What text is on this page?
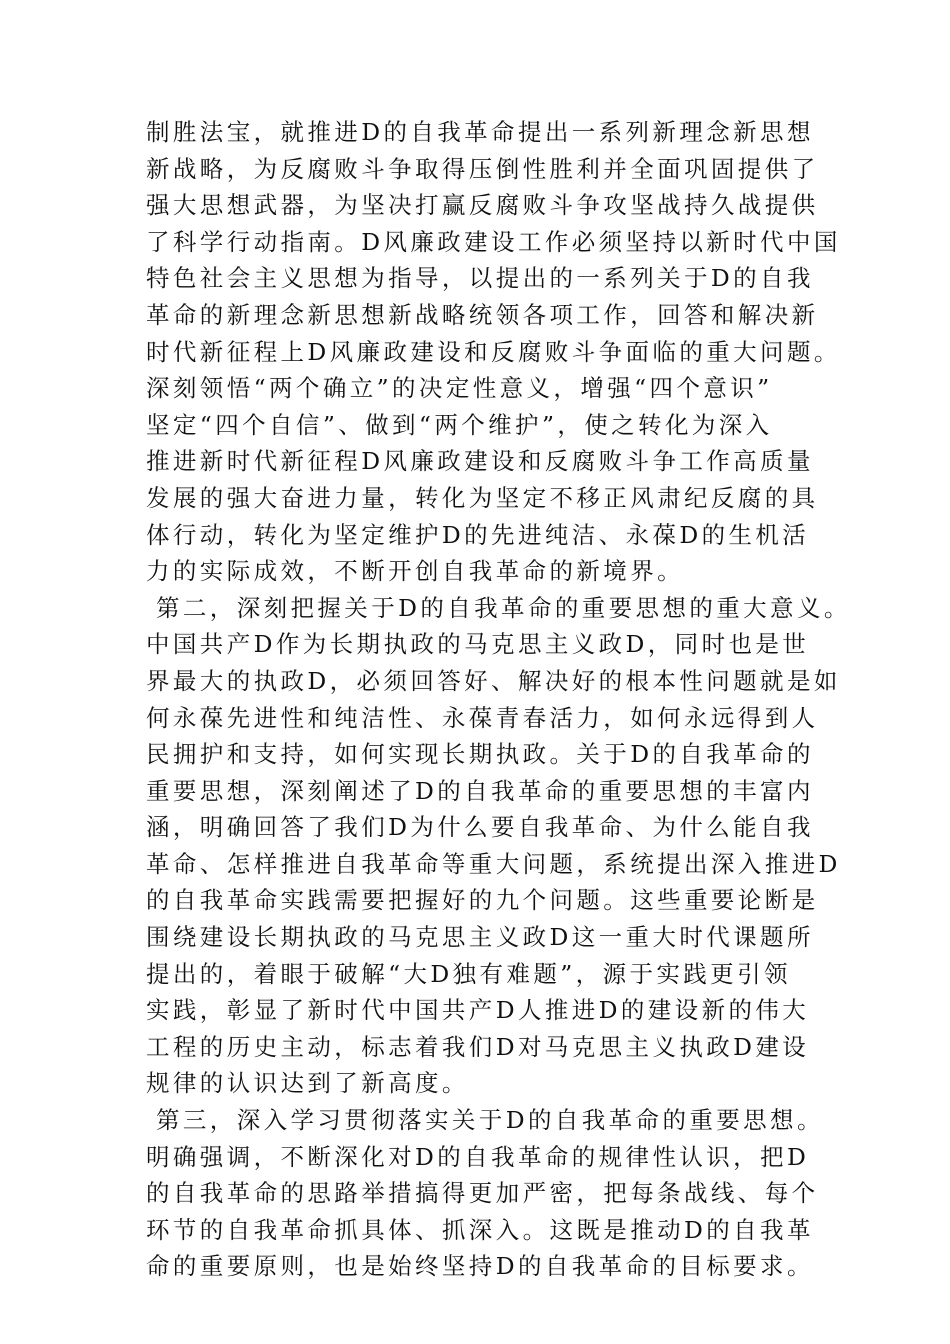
制胜法宝，就推进D的自我革命提出一系列新理念新思想
新战略，为反腐败斗争取得压倒性胜利并全面巩固提供了
强大思想武器，为坚决打赢反腐败斗争攻坚战持久战提供
了科学行动指南。D风廉政建设工作必须坚持以新时代中国
特色社会主义思想为指导，以提出的一系列关于D的自我
革命的新理念新思想新战略统领各项工作，回答和解决新
时代新征程上D风廉政建设和反腐败斗争面临的重大问题。
深刻领悟“两个确立”的决定性意义，增强“四个意识”
坚定“四个自信”、做到“两个维护”，使之转化为深入
推进新时代新征程D风廉政建设和反腐败斗争工作高质量
发展的强大奋进力量，转化为坚定不移正风肃纪反腐的具
体行动，转化为坚定维护D的先进纯洁、永葆D的生机活
力的实际成效，不断开创自我革命的新境界。
第二，深刻把握关于D的自我革命的重要思想的重大意义。
中国共产D作为长期执政的马克思主义政D，同时也是世
界最大的执政D，必须回答好、解决好的根本性问题就是如
何永葆先进性和纯洁性、永葆青春活力，如何永远得到人
民拥护和支持，如何实现长期执政。关于D的自我革命的
重要思想，深刻阐述了D的自我革命的重要思想的丰富内
涵，明确回答了我们D为什么要自我革命、为什么能自我
革命、怎样推进自我革命等重大问题，系统提出深入推进D
的自我革命实践需要把握好的九个问题。这些重要论断是
围绕建设长期执政的马克思主义政D这一重大时代课题所
提出的，着眼于破解“大D独有难题”，源于实践更引领
实践，彰显了新时代中国共产D人推进D的建设新的伟大
工程的历史主动，标志着我们D对马克思主义执政D建设
规律的认识达到了新高度。
第三，深入学习贯彻落实关于D的自我革命的重要思想。
明确强调，不断深化对D的自我革命的规律性认识，把D
的自我革命的思路举措搞得更加严密，把每条战线、每个
环节的自我革命抓具体、抓深入。这既是推动D的自我革
命的重要原则，也是始终坚持D的自我革命的目标要求。
